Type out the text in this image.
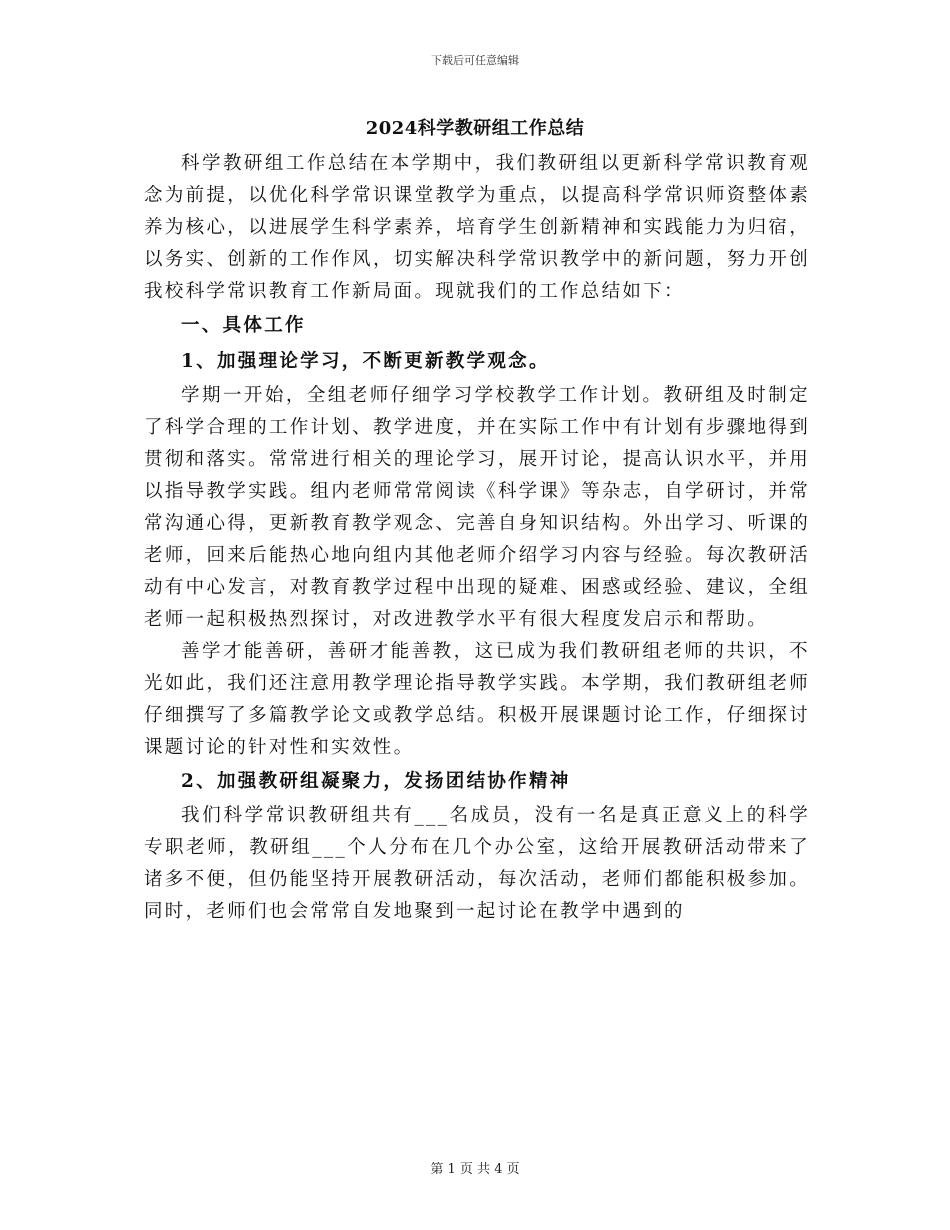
下载后可任意编辑
2024科学教研组工作总结

科学教研组工作总结在本学期中，我们教研组以更新科学常识教育观念为前提，以优化科学常识课堂教学为重点，以提高科学常识师资整体素养为核心，以进展学生科学素养，培育学生创新精神和实践能力为归宿，以务实、创新的工作作风，切实解决科学常识教学中的新问题，努力开创我校科学常识教育工作新局面。现就我们的工作总结如下：

一、具体工作

1、加强理论学习，不断更新教学观念。

学期一开始，全组老师仔细学习学校教学工作计划。教研组及时制定了科学合理的工作计划、教学进度，并在实际工作中有计划有步骤地得到贯彻和落实。常常进行相关的理论学习，展开讨论，提高认识水平，并用以指导教学实践。组内老师常常阅读《科学课》等杂志，自学研讨，并常常沟通心得，更新教育教学观念、完善自身知识结构。外出学习、听课的老师，回来后能热心地向组内其他老师介绍学习内容与经验。每次教研活动有中心发言，对教育教学过程中出现的疑难、困惑或经验、建议，全组老师一起积极热烈探讨，对改进教学水平有很大程度发启示和帮助。

善学才能善研，善研才能善教，这已成为我们教研组老师的共识，不光如此，我们还注意用教学理论指导教学实践。本学期，我们教研组老师仔细撰写了多篇教学论文或教学总结。积极开展课题讨论工作，仔细探讨课题讨论的针对性和实效性。

2、加强教研组凝聚力，发扬团结协作精神

我们科学常识教研组共有___名成员，没有一名是真正意义上的科学专职老师，教研组___个人分布在几个办公室，这给开展教研活动带来了诸多不便，但仍能坚持开展教研活动，每次活动，老师们都能积极参加。同时，老师们也会常常自发地聚到一起讨论在教学中遇到的

第 1 页 共 4 页
